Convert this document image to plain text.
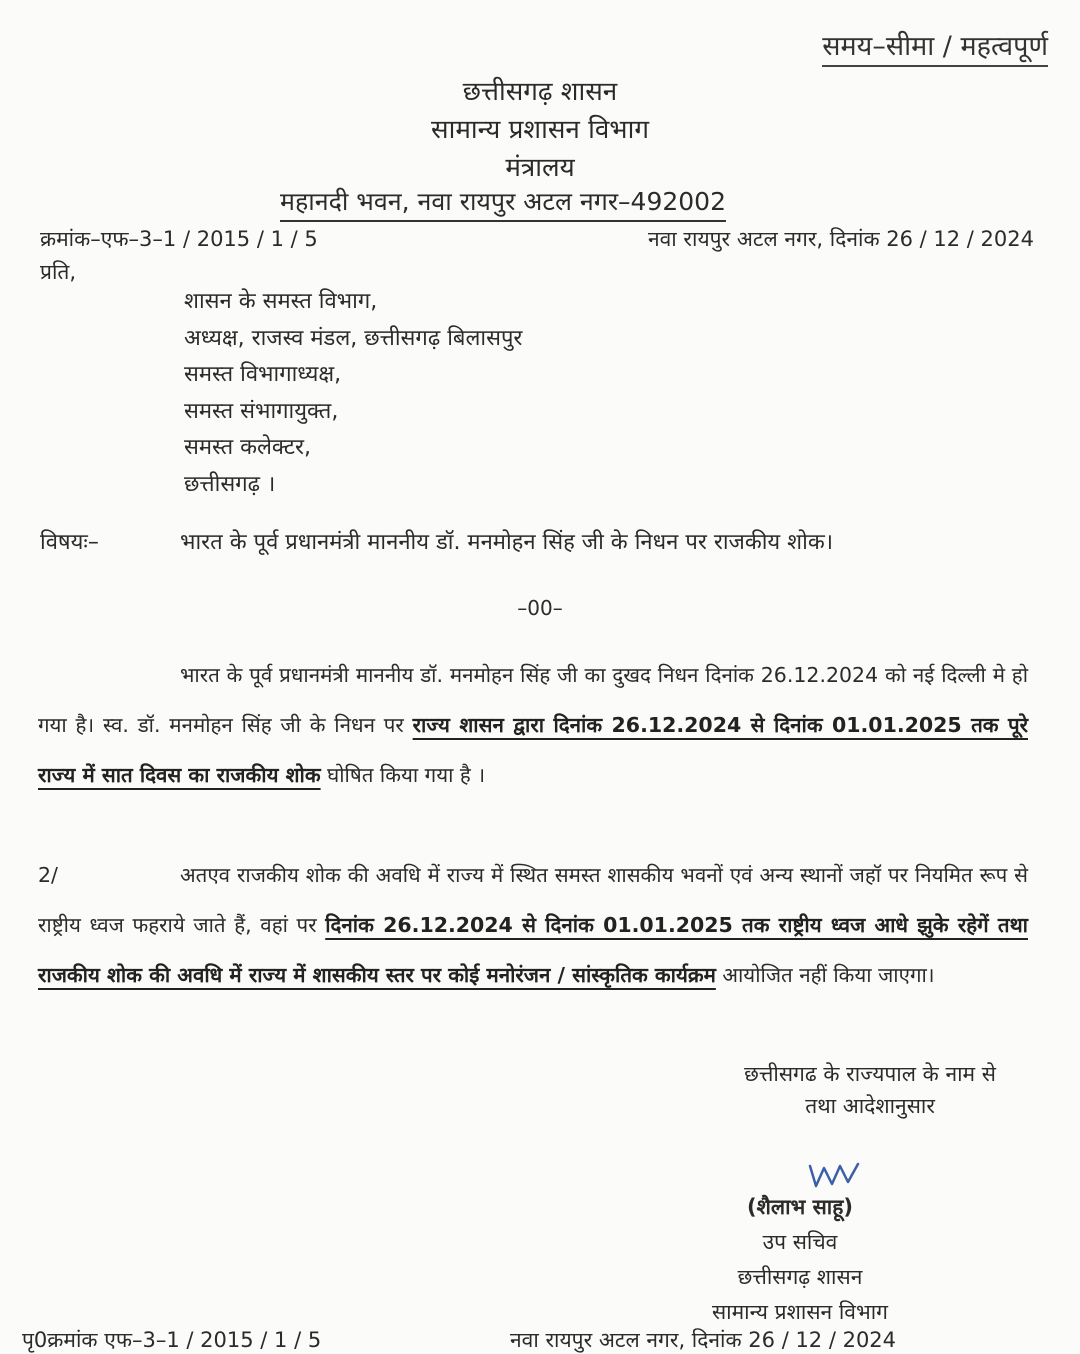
समय–सीमा / महत्वपूर्ण
छत्तीसगढ़ शासन
सामान्य प्रशासन विभाग
मंत्रालय
महानदी भवन, नवा रायपुर अटल नगर–492002
क्रमांक–एफ–3–1 / 2015 / 1 / 5	नवा रायपुर अटल नगर, दिनांक 26 / 12 / 2024
प्रति,
शासन के समस्त विभाग,
अध्यक्ष, राजस्व मंडल, छत्तीसगढ़ बिलासपुर
समस्त विभागाध्यक्ष,
समस्त संभागायुक्त,
समस्त कलेक्टर,
छत्तीसगढ़ ।
विषयः–	भारत के पूर्व प्रधानमंत्री माननीय डॉ. मनमोहन सिंह जी के निधन पर राजकीय शोक।
–00–
भारत के पूर्व प्रधानमंत्री माननीय डॉ. मनमोहन सिंह जी का दुखद निधन दिनांक 26.12.2024 को नई दिल्ली मे हो गया है। स्व. डॉ. मनमोहन सिंह जी के निधन पर राज्य शासन द्वारा दिनांक 26.12.2024 से दिनांक 01.01.2025 तक पूरे राज्य में सात दिवस का राजकीय शोक घोषित किया गया है ।
2/	अतएव राजकीय शोक की अवधि में राज्य में स्थित समस्त शासकीय भवनों एवं अन्य स्थानों जहॉ पर नियमित रूप से राष्ट्रीय ध्वज फहराये जाते हैं, वहां पर दिनांक 26.12.2024 से दिनांक 01.01.2025 तक राष्ट्रीय ध्वज आधे झुके रहेगें तथा राजकीय शोक की अवधि में राज्य में शासकीय स्तर पर कोई मनोरंजन / सांस्कृतिक कार्यक्रम आयोजित नहीं किया जाएगा।
छत्तीसगढ के राज्यपाल के नाम से
तथा आदेशानुसार
(शैलाभ साहू)
उप सचिव
छत्तीसगढ़ शासन
सामान्य प्रशासन विभाग
पृ0क्रमांक एफ–3–1 / 2015 / 1 / 5	नवा रायपुर अटल नगर, दिनांक 26 / 12 / 2024
